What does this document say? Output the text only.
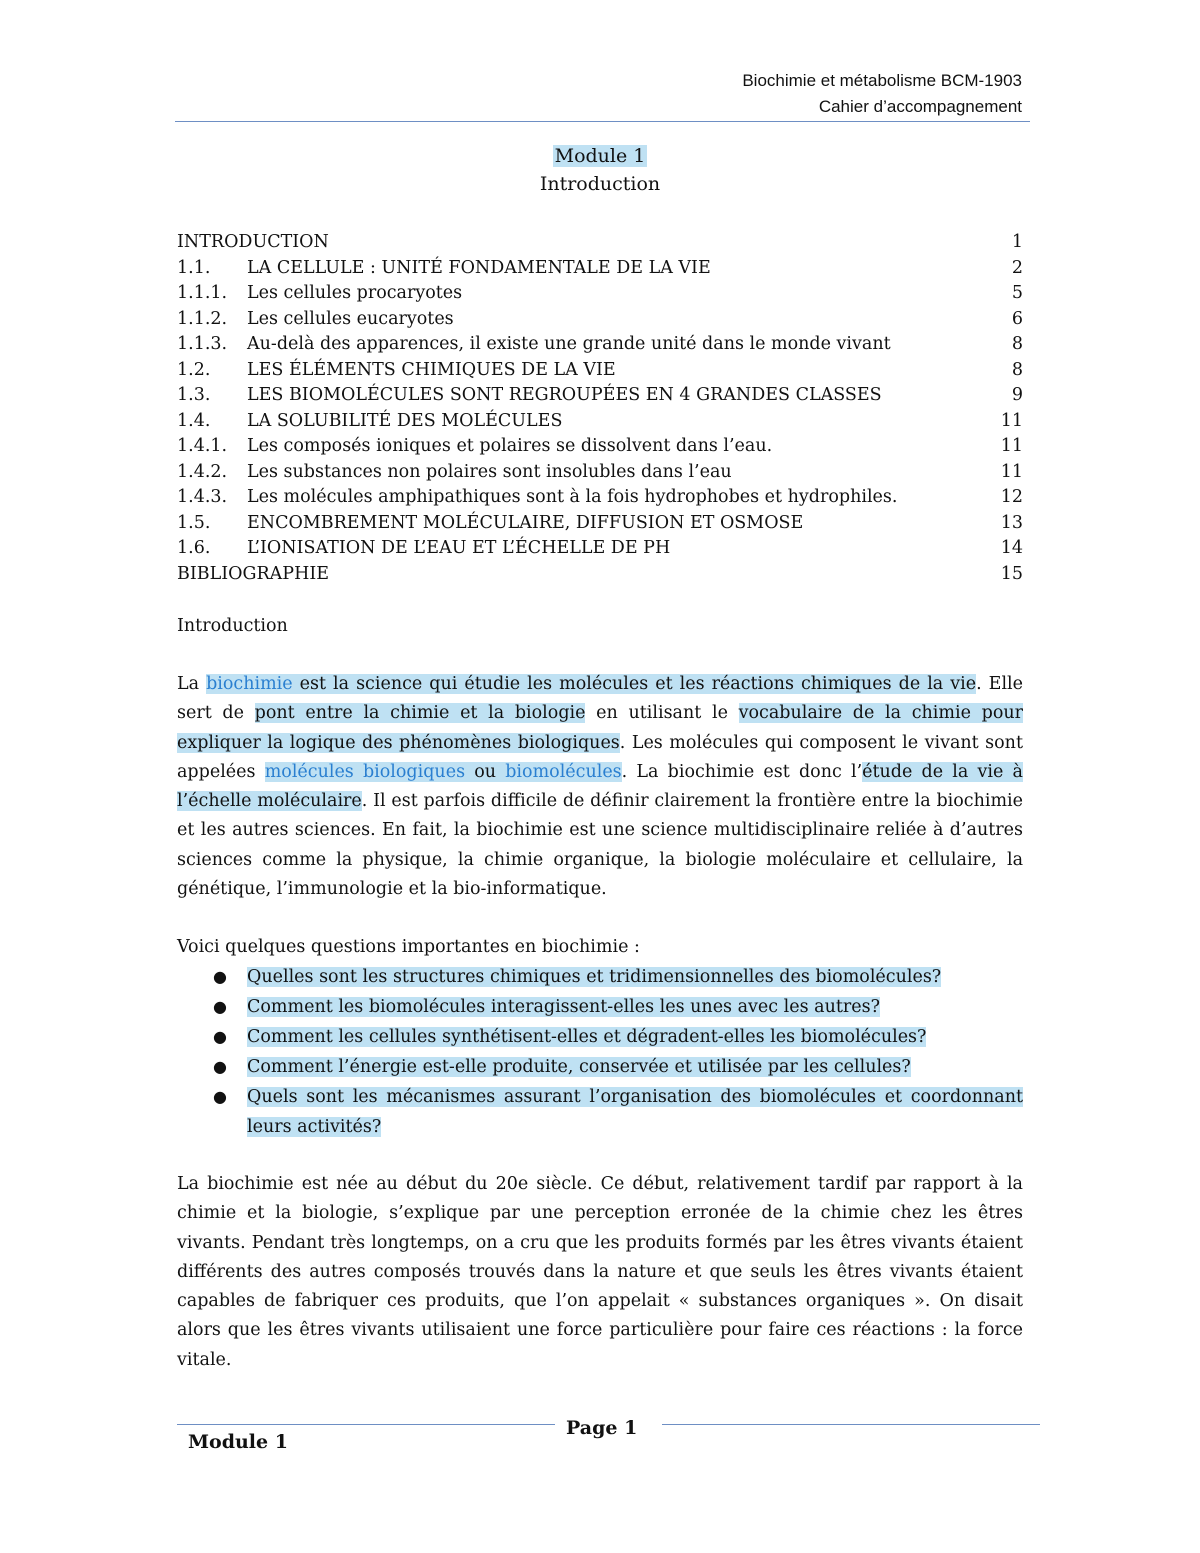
Biochimie et métabolisme BCM-1903
Cahier d’accompagnement
Module 1
Introduction
INTRODUCTION	1
1.1.	LA CELLULE : UNITÉ FONDAMENTALE DE LA VIE	2
1.1.1.	Les cellules procaryotes	5
1.1.2.	Les cellules eucaryotes	6
1.1.3.	Au-delà des apparences, il existe une grande unité dans le monde vivant	8
1.2.	LES ÉLÉMENTS CHIMIQUES DE LA VIE	8
1.3.	LES BIOMOLÉCULES SONT REGROUPÉES EN 4 GRANDES CLASSES	9
1.4.	LA SOLUBILITÉ DES MOLÉCULES	11
1.4.1.	Les composés ioniques et polaires se dissolvent dans l’eau.	11
1.4.2.	Les substances non polaires sont insolubles dans l’eau	11
1.4.3.	Les molécules amphipathiques sont à la fois hydrophobes et hydrophiles.	12
1.5.	ENCOMBREMENT MOLÉCULAIRE, DIFFUSION ET OSMOSE	13
1.6.	L’IONISATION DE L’EAU ET L’ÉCHELLE DE PH	14
BIBLIOGRAPHIE	15
Introduction

La biochimie est la science qui étudie les molécules et les réactions chimiques de la vie. Elle sert de pont entre la chimie et la biologie en utilisant le vocabulaire de la chimie pour expliquer la logique des phénomènes biologiques. Les molécules qui composent le vivant sont appelées molécules biologiques ou biomolécules. La biochimie est donc l’étude de la vie à l’échelle moléculaire. Il est parfois difficile de définir clairement la frontière entre la biochimie et les autres sciences. En fait, la biochimie est une science multidisciplinaire reliée à d’autres sciences comme la physique, la chimie organique, la biologie moléculaire et cellulaire, la génétique, l’immunologie et la bio-informatique.

Voici quelques questions importantes en biochimie :

● Quelles sont les structures chimiques et tridimensionnelles des biomolécules?
● Comment les biomolécules interagissent-elles les unes avec les autres?
● Comment les cellules synthétisent-elles et dégradent-elles les biomolécules?
● Comment l’énergie est-elle produite, conservée et utilisée par les cellules?
● Quels sont les mécanismes assurant l’organisation des biomolécules et coordonnant leurs activités?

La biochimie est née au début du 20e siècle. Ce début, relativement tardif par rapport à la chimie et la biologie, s’explique par une perception erronée de la chimie chez les êtres vivants. Pendant très longtemps, on a cru que les produits formés par les êtres vivants étaient différents des autres composés trouvés dans la nature et que seuls les êtres vivants étaient capables de fabriquer ces produits, que l’on appelait « substances organiques ». On disait alors que les êtres vivants utilisaient une force particulière pour faire ces réactions : la force vitale.

Page 1
Module 1
